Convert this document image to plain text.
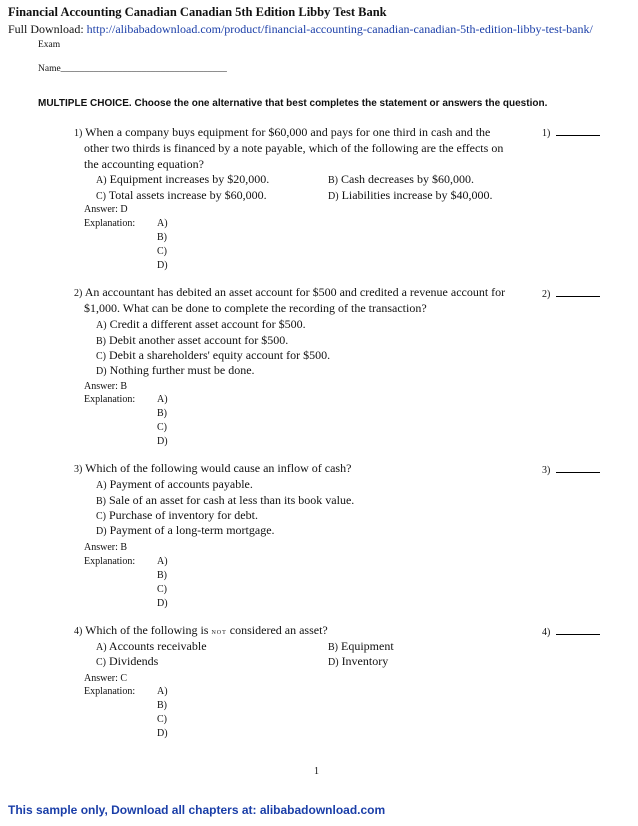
Financial Accounting Canadian Canadian 5th Edition Libby Test Bank
Full Download: http://alibabadownload.com/product/financial-accounting-canadian-canadian-5th-edition-libby-test-bank/
Exam
Name___________________________________
MULTIPLE CHOICE. Choose the one alternative that best completes the statement or answers the question.
1) When a company buys equipment for $60,000 and pays for one third in cash and the
other two thirds is financed by a note payable, which of the following are the effects on
the accounting equation?
A) Equipment increases by $20,000.	B) Cash decreases by $60,000.
C) Total assets increase by $60,000.	D) Liabilities increase by $40,000.
Answer: D
Explanation: A)
B)
C)
D)
1)
2) An accountant has debited an asset account for $500 and credited a revenue account for
$1,000. What can be done to complete the recording of the transaction?
A) Credit a different asset account for $500.
B) Debit another asset account for $500.
C) Debit a shareholders' equity account for $500.
D) Nothing further must be done.
Answer: B
Explanation: A)
B)
C)
D)
2)
3) Which of the following would cause an inflow of cash?
A) Payment of accounts payable.
B) Sale of an asset for cash at less than its book value.
C) Purchase of inventory for debt.
D) Payment of a long-term mortgage.
Answer: B
Explanation: A)
B)
C)
D)
3)
4) Which of the following is NOT considered an asset?
A) Accounts receivable	B) Equipment
C) Dividends	D) Inventory
Answer: C
Explanation: A)
B)
C)
D)
4)
1
This sample only, Download all chapters at: alibabadownload.com
